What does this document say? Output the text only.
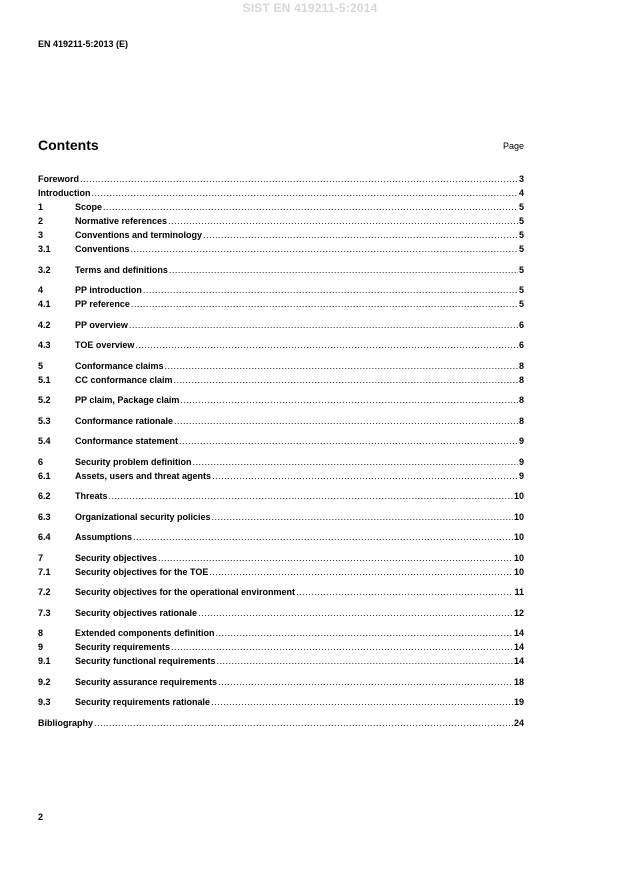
SIST EN 419211-5:2014
EN 419211-5:2013 (E)
Contents	Page
Foreword .....	3
Introduction .....	4
1	Scope .....	5
2	Normative references .....	5
3	Conventions and terminology .....	5
3.1	Conventions .....	5
3.2	Terms and definitions .....	5
4	PP introduction .....	5
4.1	PP reference .....	5
4.2	PP overview .....	6
4.3	TOE overview .....	6
5	Conformance claims .....	8
5.1	CC conformance claim .....	8
5.2	PP claim, Package claim .....	8
5.3	Conformance rationale .....	8
5.4	Conformance statement .....	9
6	Security problem definition .....	9
6.1	Assets, users and threat agents .....	9
6.2	Threats .....	10
6.3	Organizational security policies .....	10
6.4	Assumptions .....	10
7	Security objectives .....	10
7.1	Security objectives for the TOE .....	10
7.2	Security objectives for the operational environment .....	11
7.3	Security objectives rationale .....	12
8	Extended components definition .....	14
9	Security requirements .....	14
9.1	Security functional requirements .....	14
9.2	Security assurance requirements .....	18
9.3	Security requirements rationale .....	19
Bibliography .....	24
2
